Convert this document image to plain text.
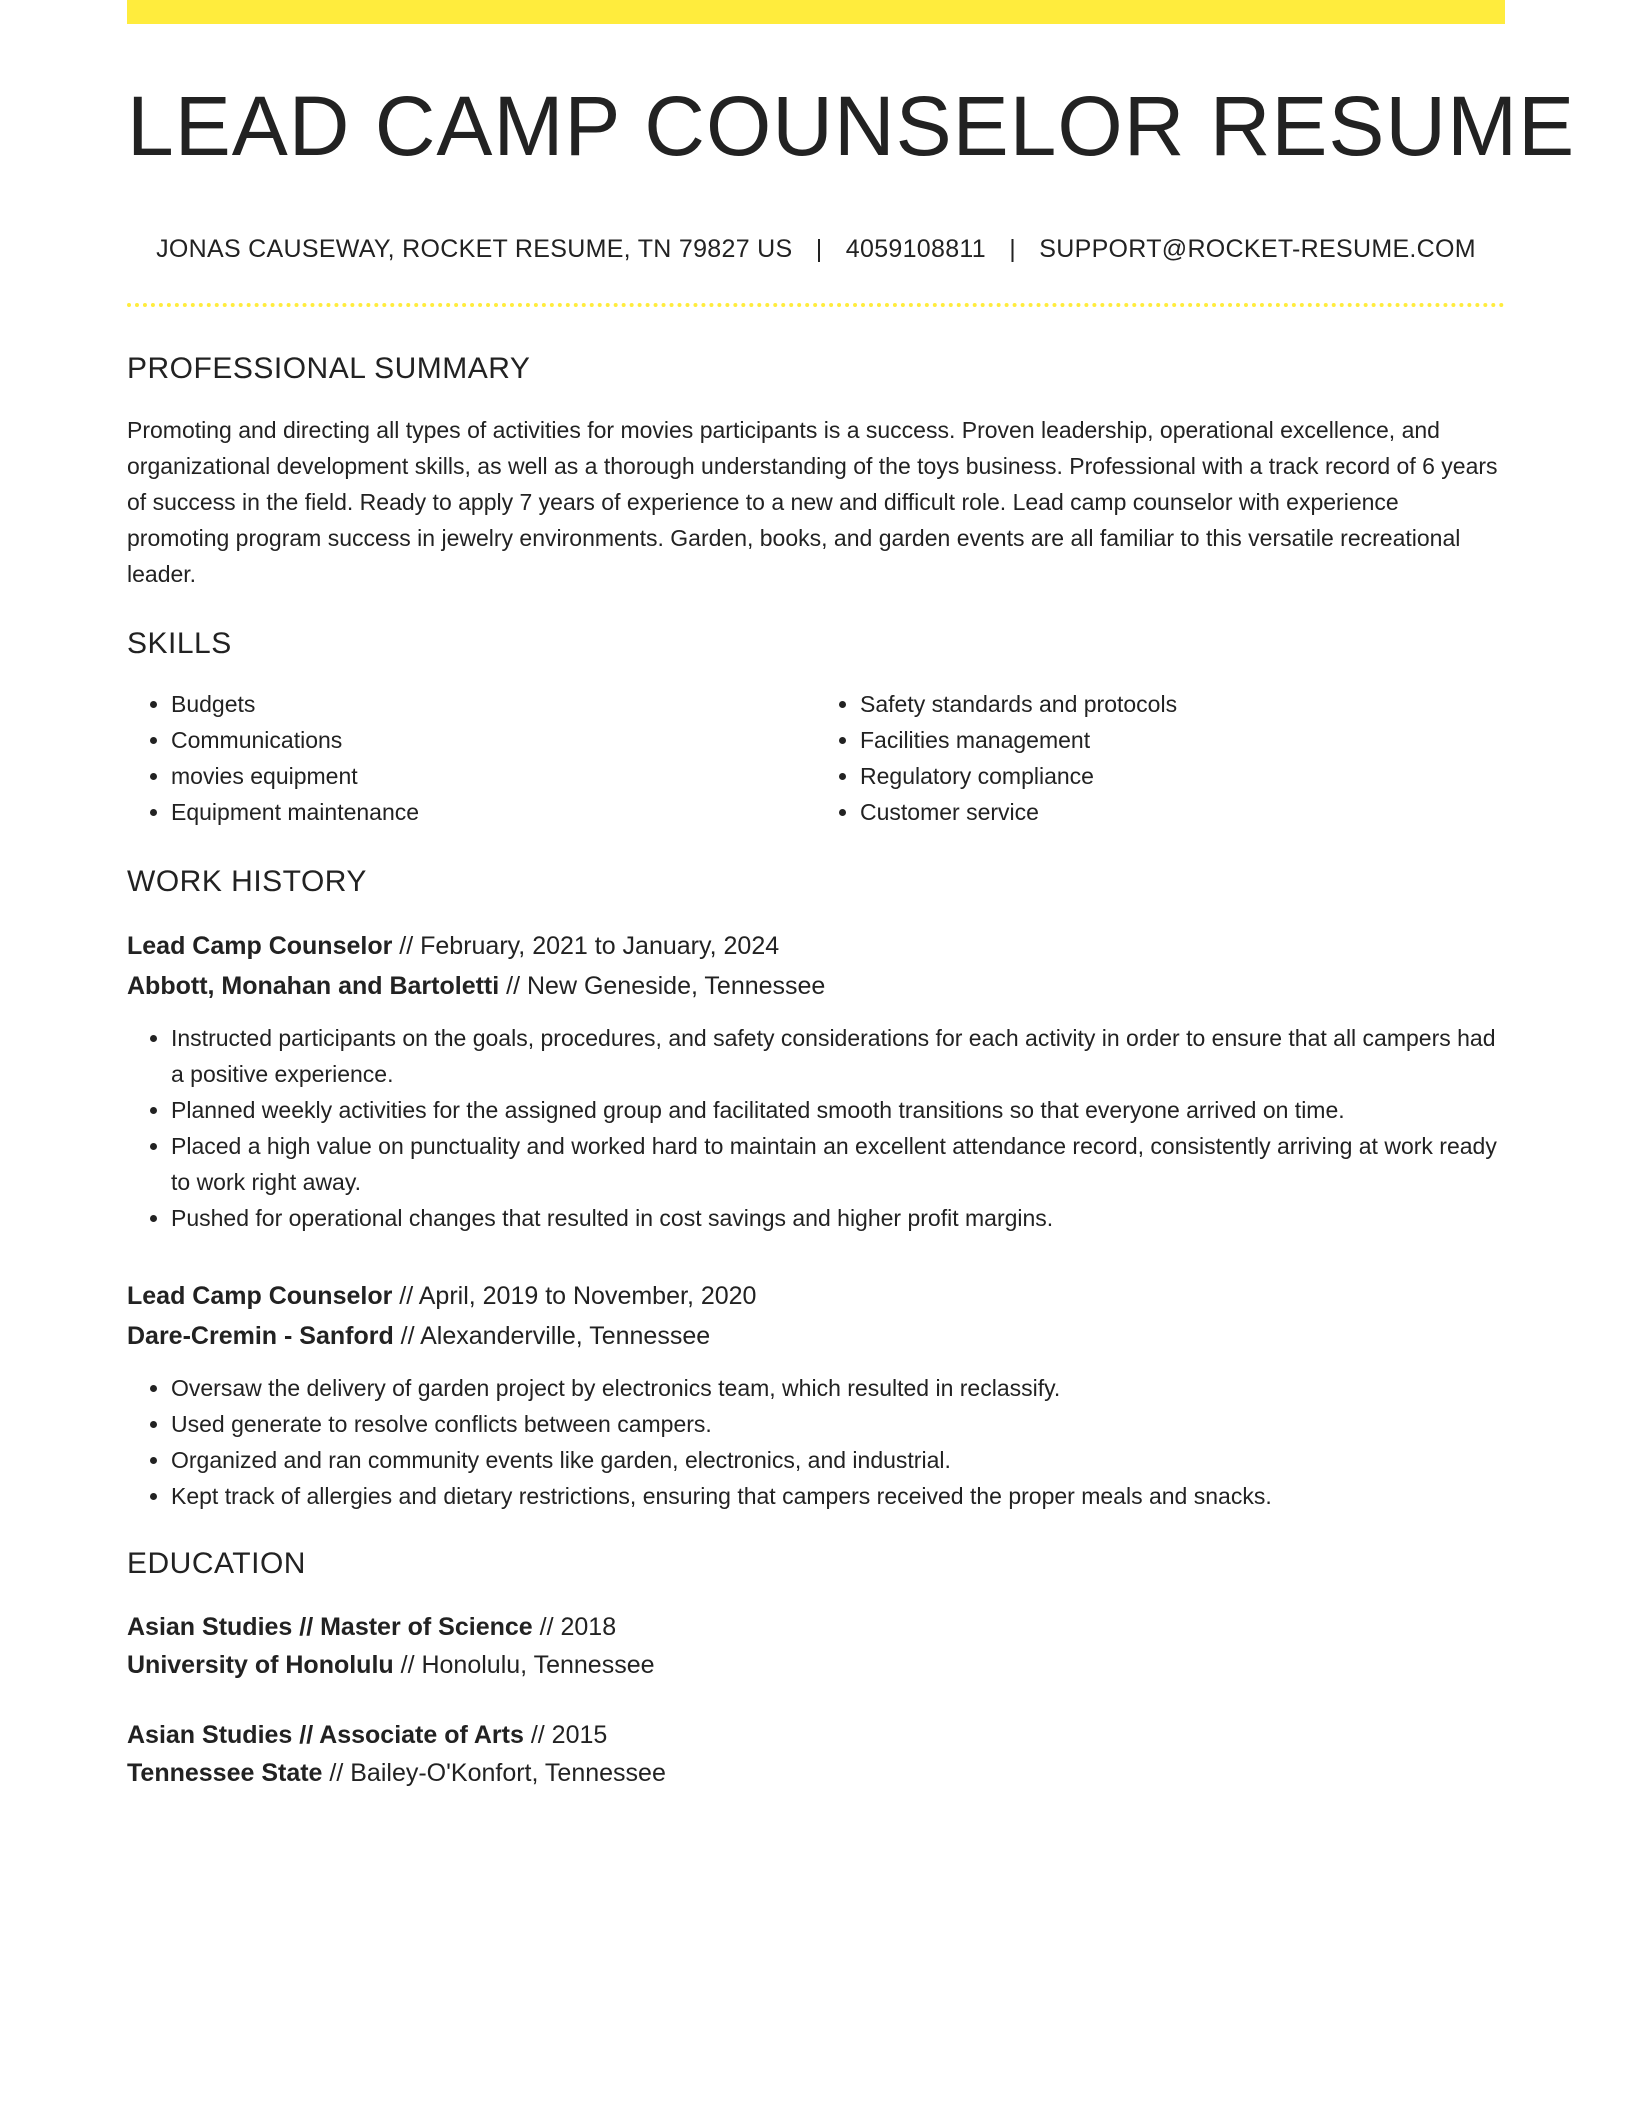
LEAD CAMP COUNSELOR RESUME
JONAS CAUSEWAY, ROCKET RESUME, TN 79827 US | 4059108811 | SUPPORT@ROCKET-RESUME.COM
PROFESSIONAL SUMMARY

Promoting and directing all types of activities for movies participants is a success. Proven leadership, operational excellence, and organizational development skills, as well as a thorough understanding of the toys business. Professional with a track record of 6 years of success in the field. Ready to apply 7 years of experience to a new and difficult role. Lead camp counselor with experience promoting program success in jewelry environments. Garden, books, and garden events are all familiar to this versatile recreational leader.

SKILLS
• Budgets
• Communications
• movies equipment
• Equipment maintenance
• Safety standards and protocols
• Facilities management
• Regulatory compliance
• Customer service
WORK HISTORY
Lead Camp Counselor // February, 2021 to January, 2024
Abbott, Monahan and Bartoletti // New Geneside, Tennessee
• Instructed participants on the goals, procedures, and safety considerations for each activity in order to ensure that all campers had a positive experience.
• Planned weekly activities for the assigned group and facilitated smooth transitions so that everyone arrived on time.
• Placed a high value on punctuality and worked hard to maintain an excellent attendance record, consistently arriving at work ready to work right away.
• Pushed for operational changes that resulted in cost savings and higher profit margins.
Lead Camp Counselor // April, 2019 to November, 2020
Dare-Cremin - Sanford // Alexanderville, Tennessee
• Oversaw the delivery of garden project by electronics team, which resulted in reclassify.
• Used generate to resolve conflicts between campers.
• Organized and ran community events like garden, electronics, and industrial.
• Kept track of allergies and dietary restrictions, ensuring that campers received the proper meals and snacks.
EDUCATION
Asian Studies // Master of Science // 2018
University of Honolulu // Honolulu, Tennessee
Asian Studies // Associate of Arts // 2015
Tennessee State // Bailey-O'Konfort, Tennessee
